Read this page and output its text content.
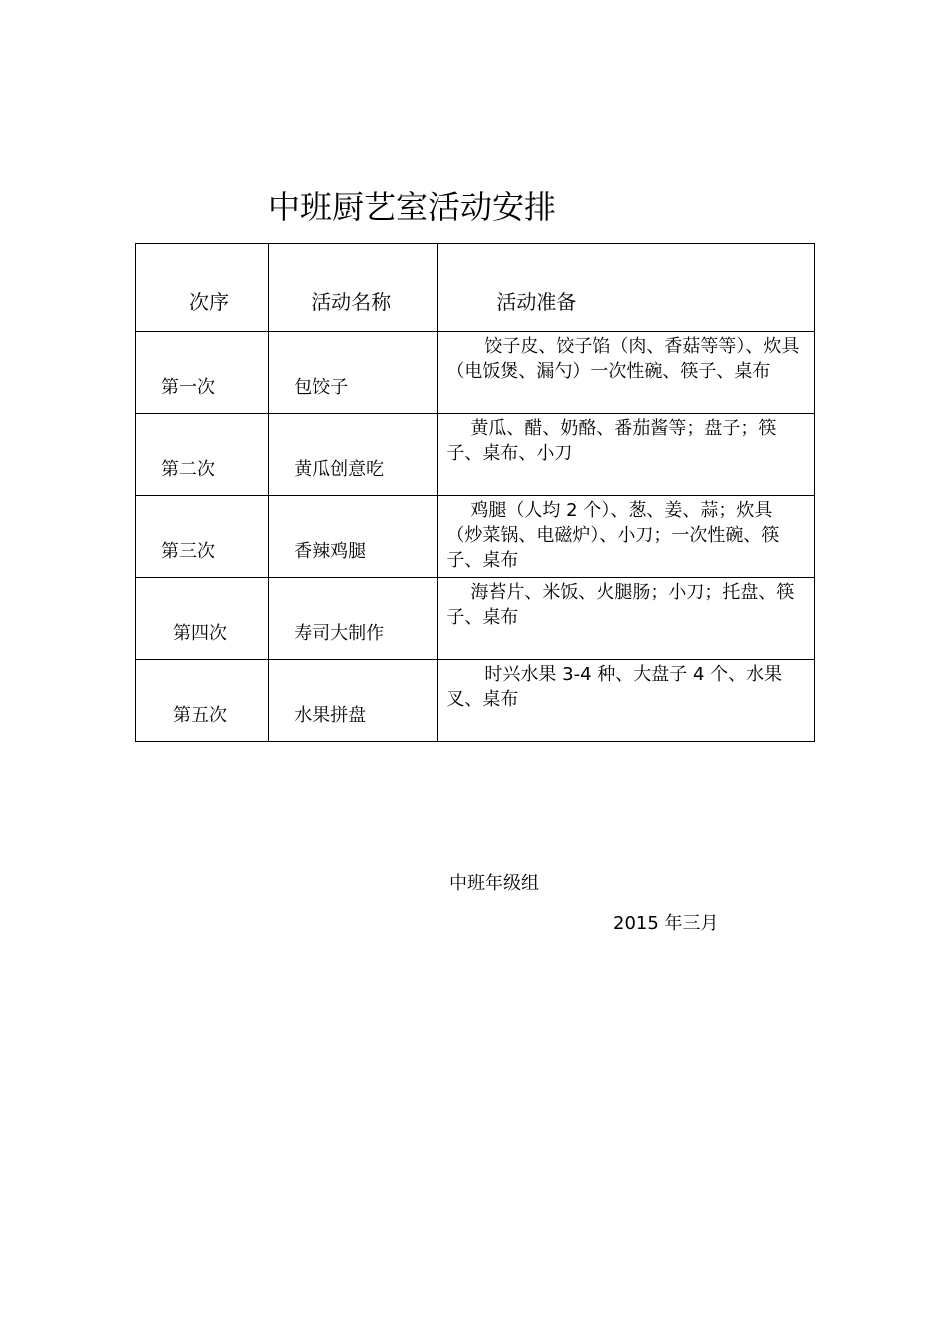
中班厨艺室活动安排
次序	活动名称	活动准备

第一次	包饺子	饺子皮、饺子馅（肉、香菇等等）、炊具（电饭煲、漏勺）一次性碗、筷子、桌布

第二次	黄瓜创意吃	黄瓜、醋、奶酪、番茄酱等；盘子；筷子、桌布、小刀

第三次	香辣鸡腿	鸡腿（人均 2 个）、葱、姜、蒜；炊具（炒菜锅、电磁炉）、小刀；一次性碗、筷子、桌布

第四次	寿司大制作	海苔片、米饭、火腿肠；小刀；托盘、筷子、桌布

第五次	水果拼盘	时兴水果 3-4 种、大盘子 4 个、水果叉、桌布
中班年级组
2015 年三月
